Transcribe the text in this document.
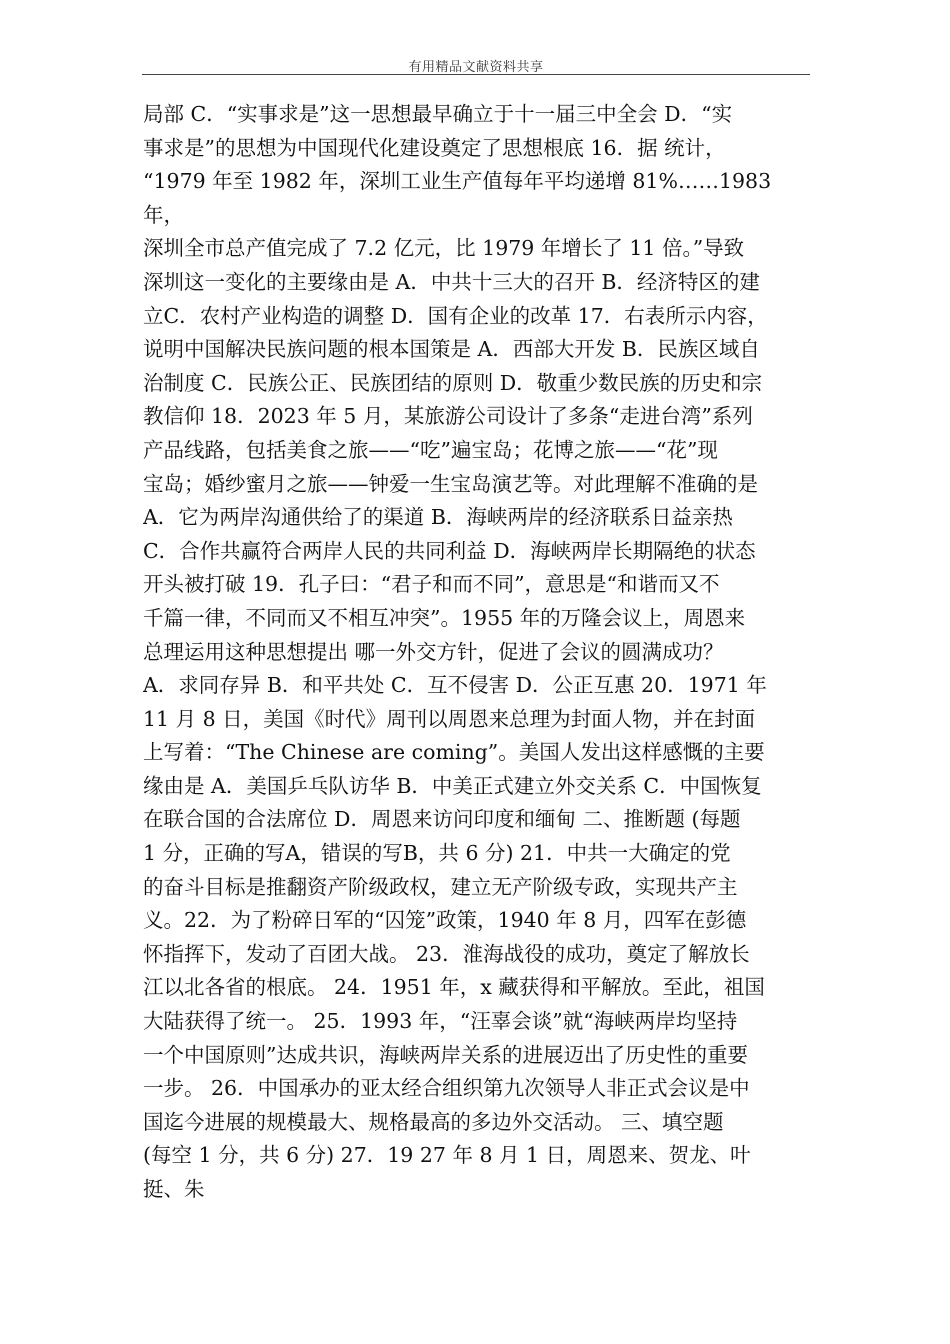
有用精品文献资料共享
局部 C．“实事求是”这一思想最早确立于十一届三中全会 D．“实
事求是”的思想为中国现代化建设奠定了思想根底 16．据 统计，
“1979 年至 1982 年，深圳工业生产值每年平均递增 81%……1983
年，
深圳全市总产值完成了 7.2 亿元，比 1979 年增长了 11 倍。”导致
深圳这一变化的主要缘由是 A．中共十三大的召开 B．经济特区的建
立C．农村产业构造的调整 D．国有企业的改革 17．右表所示内容，
说明中国解决民族问题的根本国策是 A．西部大开发 B．民族区域自
治制度 C．民族公正、民族团结的原则 D．敬重少数民族的历史和宗
教信仰 18．2023 年 5 月，某旅游公司设计了多条“走进台湾”系列
产品线路，包括美食之旅——“吃”遍宝岛；花博之旅——“花”现
宝岛；婚纱蜜月之旅——钟爱一生宝岛演艺等。对此理解不准确的是
A．它为两岸沟通供给了的渠道 B．海峡两岸的经济联系日益亲热
C．合作共赢符合两岸人民的共同利益 D．海峡两岸长期隔绝的状态
开头被打破 19．孔子曰：“君子和而不同”，意思是“和谐而又不
千篇一律，不同而又不相互冲突”。1955 年的万隆会议上，周恩来
总理运用这种思想提出 哪一外交方针，促进了会议的圆满成功？
A．求同存异 B．和平共处 C．互不侵害 D．公正互惠 20．1971 年
11 月 8 日，美国《时代》周刊以周恩来总理为封面人物，并在封面
上写着：“The Chinese are coming”。美国人发出这样感慨的主要
缘由是 A．美国乒乓队访华 B．中美正式建立外交关系 C．中国恢复
在联合国的合法席位 D．周恩来访问印度和缅甸 二、推断题 (每题
1 分，正确的写A，错误的写B，共 6 分) 21．中共一大确定的党
的奋斗目标是推翻资产阶级政权，建立无产阶级专政，实现共产主
义。22．为了粉碎日军的“囚笼”政策，1940 年 8 月，四军在彭德
怀指挥下，发动了百团大战。 23．淮海战役的成功，奠定了解放长
江以北各省的根底。 24．1951 年，x 藏获得和平解放。至此，祖国
大陆获得了统一。 25．1993 年，“汪辜会谈”就“海峡两岸均坚持
一个中国原则”达成共识，海峡两岸关系的进展迈出了历史性的重要
一步。 26．中国承办的亚太经合组织第九次领导人非正式会议是中
国迄今进展的规模最大、规格最高的多边外交活动。 三、填空题
(每空 1 分，共 6 分) 27．19 27 年 8 月 1 日，周恩来、贺龙、叶
挺、朱
